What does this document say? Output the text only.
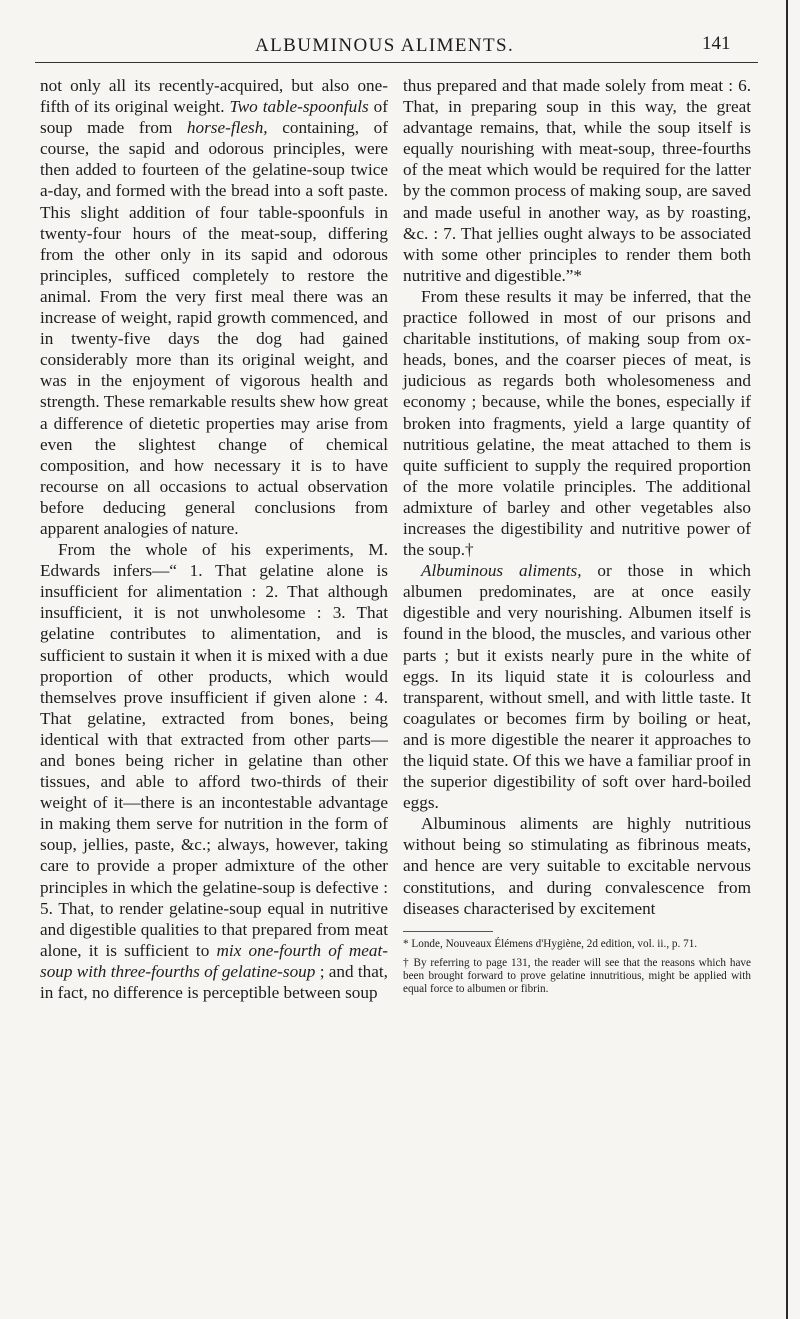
ALBUMINOUS ALIMENTS.	141

not only all its recently-acquired, but also one-fifth of its original weight. Two table-spoonfuls of soup made from horse-flesh, containing, of course, the sapid and odorous principles, were then added to fourteen of the gelatine-soup twice a-day, and formed with the bread into a soft paste. This slight addition of four table-spoonfuls in twenty-four hours of the meat-soup, differing from the other only in its sapid and odorous principles, sufficed completely to restore the animal. From the very first meal there was an increase of weight, rapid growth commenced, and in twenty-five days the dog had gained considerably more than its original weight, and was in the enjoyment of vigorous health and strength. These remarkable results shew how great a difference of dietetic properties may arise from even the slightest change of chemical composition, and how necessary it is to have recourse on all occasions to actual observation before deducing general conclusions from apparent analogies of nature.

From the whole of his experiments, M. Edwards infers—“ 1. That gelatine alone is insufficient for alimentation : 2. That although insufficient, it is not unwholesome : 3. That gelatine contributes to alimentation, and is sufficient to sustain it when it is mixed with a due proportion of other products, which would themselves prove insufficient if given alone : 4. That gelatine, extracted from bones, being identical with that extracted from other parts—and bones being richer in gelatine than other tissues, and able to afford two-thirds of their weight of it—there is an incontestable advantage in making them serve for nutrition in the form of soup, jellies, paste, &c.; always, however, taking care to provide a proper admixture of the other principles in which the gelatine-soup is defective : 5. That, to render gelatine-soup equal in nutritive and digestible qualities to that prepared from meat alone, it is sufficient to mix one-fourth of meat-soup with three-fourths of gelatine-soup ; and that, in fact, no difference is perceptible between soup

thus prepared and that made solely from meat : 6. That, in preparing soup in this way, the great advantage remains, that, while the soup itself is equally nourishing with meat-soup, three-fourths of the meat which would be required for the latter by the common process of making soup, are saved and made useful in another way, as by roasting, &c. : 7. That jellies ought always to be associated with some other principles to render them both nutritive and digestible.”*

From these results it may be inferred, that the practice followed in most of our prisons and charitable institutions, of making soup from ox-heads, bones, and the coarser pieces of meat, is judicious as regards both wholesomeness and economy ; because, while the bones, especially if broken into fragments, yield a large quantity of nutritious gelatine, the meat attached to them is quite sufficient to supply the required proportion of the more volatile principles. The additional admixture of barley and other vegetables also increases the digestibility and nutritive power of the soup.†

Albuminous aliments, or those in which albumen predominates, are at once easily digestible and very nourishing. Albumen itself is found in the blood, the muscles, and various other parts ; but it exists nearly pure in the white of eggs. In its liquid state it is colourless and transparent, without smell, and with little taste. It coagulates or becomes firm by boiling or heat, and is more digestible the nearer it approaches to the liquid state. Of this we have a familiar proof in the superior digestibility of soft over hard-boiled eggs.

Albuminous aliments are highly nutritious without being so stimulating as fibrinous meats, and hence are very suitable to excitable nervous constitutions, and during convalescence from diseases characterised by excitement

* Londe, Nouveaux Élémens d'Hygiène, 2d edition, vol. ii., p. 71.
† By referring to page 131, the reader will see that the reasons which have been brought forward to prove gelatine innutritious, might be applied with equal force to albumen or fibrin.
